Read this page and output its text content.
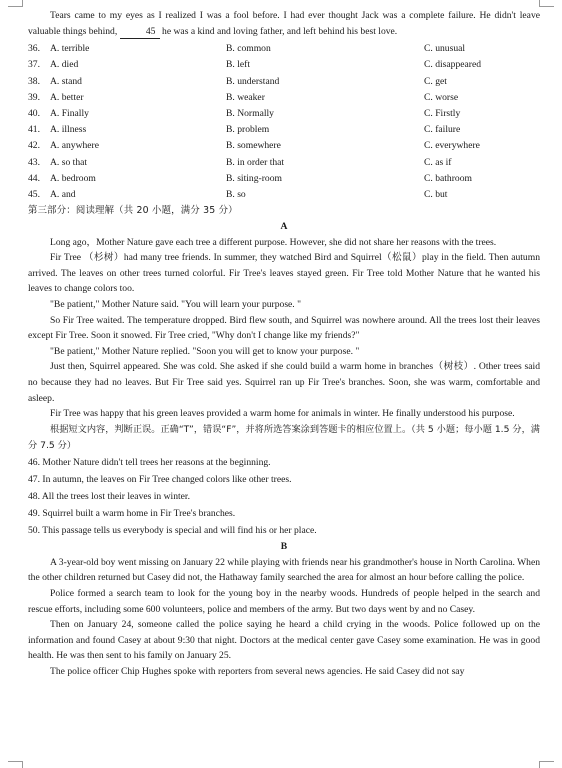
Tears came to my eyes as I realized I was a fool before. I had ever thought Jack was a complete failure. He didn't leave valuable things behind,	45 he was a kind and loving father, and left behind his best love.

36.	A. terrible	B. common	C. unusual
37.	A. died	B. left	C. disappeared
38.	A. stand	B. understand	C. get
39.	A. better	B. weaker	C. worse
40.	A. Finally	B. Normally	C. Firstly
41.	A. illness	B. problem	C. failure
42.	A. anywhere	B. somewhere	C. everywhere
43.	A. so that	B. in order that	C. as if
44.	A. bedroom	B. siting-room	C. bathroom
45.	A. and	B. so	C. but
第三部分：阅读理解（共 20 小题，满分 35 分）
A

Long ago，Mother Nature gave each tree a different purpose. However, she did not share her reasons with the trees.

Fir Tree （杉树）had many tree friends. In summer, they watched Bird and Squirrel（松鼠）play in the field. Then autumn arrived. The leaves on other trees turned colorful. Fir Tree's leaves stayed green. Fir Tree told Mother Nature that he wanted his leaves to change colors too.

"Be patient," Mother Nature said. "You will learn your purpose. "

So Fir Tree waited. The temperature dropped. Bird flew south, and Squirrel was nowhere around. All the trees lost their leaves except Fir Tree. Soon it snowed. Fir Tree cried, "Why don't I change like my friends?"

"Be patient," Mother Nature replied. "Soon you will get to know your purpose. "

Just then, Squirrel appeared. She was cold. She asked if she could build a warm home in branches（树枝）. Other trees said no because they had no leaves. But Fir Tree said yes. Squirrel ran up Fir Tree's branches. Soon, she was warm, comfortable and asleep.

Fir Tree was happy that his green leaves provided a warm home for animals in winter. He finally understood his purpose.

根据短文内容，判断正误。正确“T”，错误“F”，并将所选答案涂到答题卡的相应位置上。（共 5 小题；每小题 1.5 分，满分 7.5 分）

46. Mother Nature didn't tell trees her reasons at the beginning.
47. In autumn, the leaves on Fir Tree changed colors like other trees.
48. All the trees lost their leaves in winter.
49. Squirrel built a warm home in Fir Tree's branches.
50. This passage tells us everybody is special and will find his or her place.
B

A 3-year-old boy went missing on January 22 while playing with friends near his grandmother's house in North Carolina. When the other children returned but Casey did not, the Hathaway family searched the area for almost an hour before calling the police.

Police formed a search team to look for the young boy in the nearby woods. Hundreds of people helped in the search and rescue efforts, including some 600 volunteers, police and members of the army. But two days went by and no Casey.

Then on January 24, someone called the police saying he heard a child crying in the woods. Police followed up on the information and found Casey at about 9:30 that night. Doctors at the medical center gave Casey some examination. He was in good health. He was then sent to his family on January 25.

The police officer Chip Hughes spoke with reporters from several news agencies. He said Casey did not say
